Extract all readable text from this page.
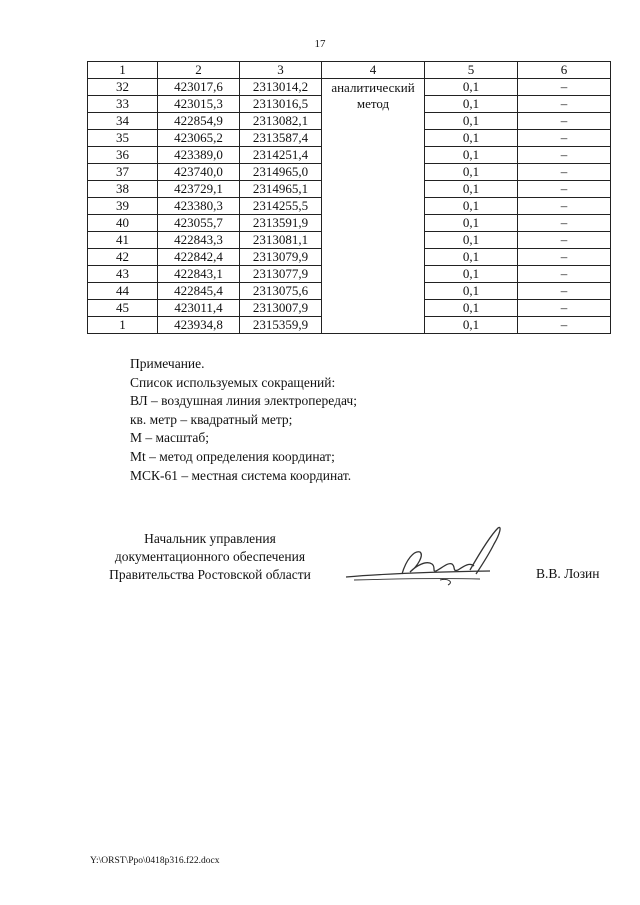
17
1	2	3	4	5	6
32	423017,6	2313014,2	аналитический метод	0,1	–
33	423015,3	2313016,5		0,1	–
34	422854,9	2313082,1		0,1	–
35	423065,2	2313587,4		0,1	–
36	423389,0	2314251,4		0,1	–
37	423740,0	2314965,0		0,1	–
38	423729,1	2314965,1		0,1	–
39	423380,3	2314255,5		0,1	–
40	423055,7	2313591,9		0,1	–
41	422843,3	2313081,1		0,1	–
42	422842,4	2313079,9		0,1	–
43	422843,1	2313077,9		0,1	–
44	422845,4	2313075,6		0,1	–
45	423011,4	2313007,9		0,1	–
1	423934,8	2315359,9		0,1	–
Примечание.
Список используемых сокращений:
ВЛ – воздушная линия электропередач;
кв. метр – квадратный метр;
М – масштаб;
Mt – метод определения координат;
МСК-61 – местная система координат.
Начальник управления
документационного обеспечения
Правительства Ростовской области	В.В. Лозин
Y:\ORST\Ppo\0418p316.f22.docx
